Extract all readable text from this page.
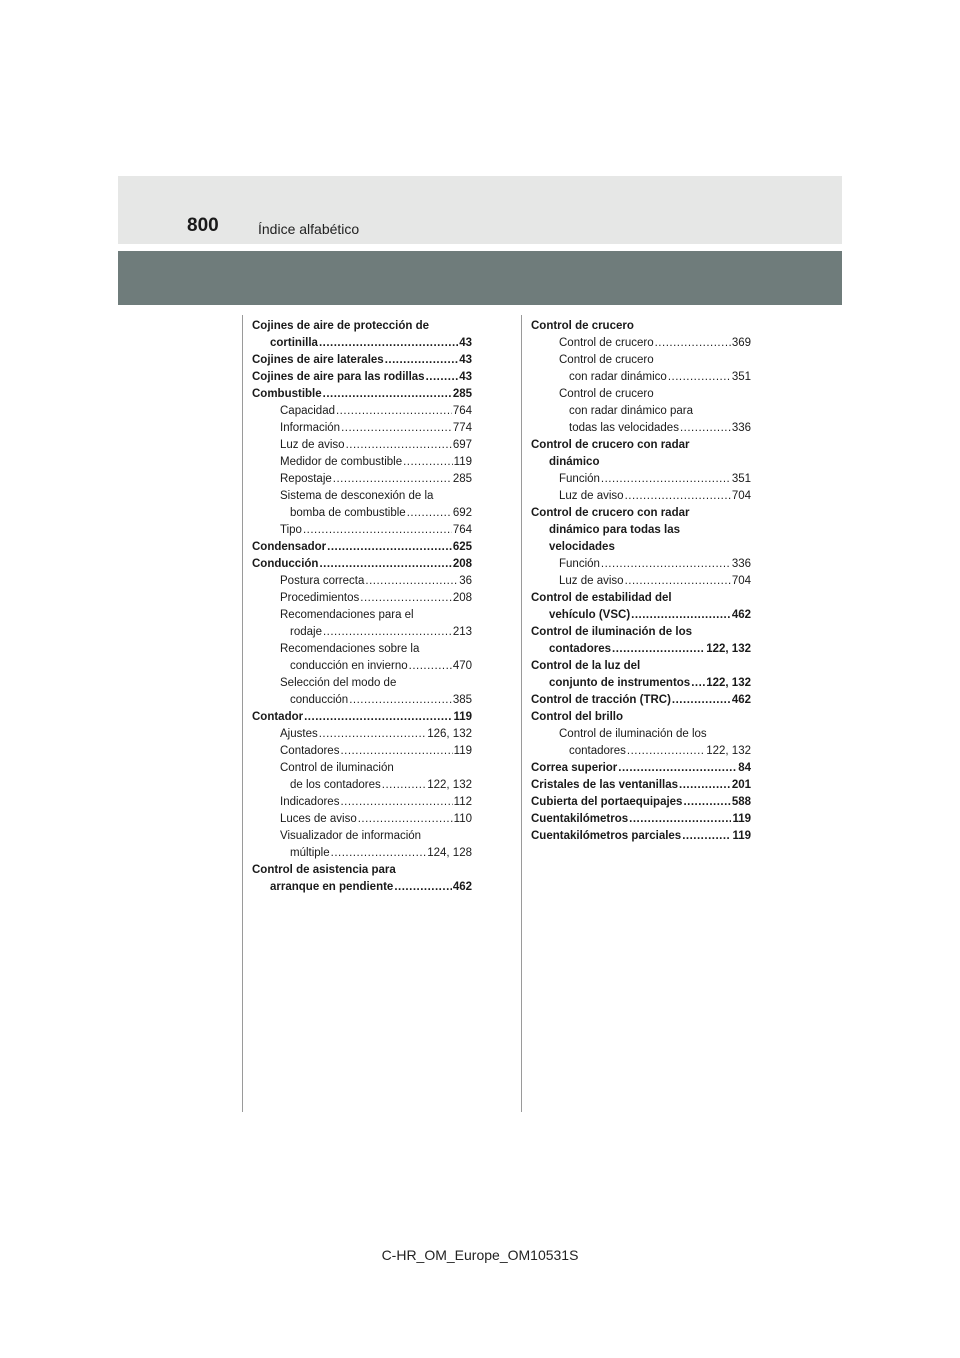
800	Índice alfabético
Cojines de aire de protección de
cortinilla .....	43
Cojines de aire laterales .....	43
Cojines de aire para las rodillas .....	43
Combustible .....	285
Capacidad .....	764
Información .....	774
Luz de aviso .....	697
Medidor de combustible .....	119
Repostaje .....	285
Sistema de desconexión de la
bomba de combustible .....	692
Tipo .....	764
Condensador .....	625
Conducción .....	208
Postura correcta .....	36
Procedimientos .....	208
Recomendaciones para el
rodaje .....	213
Recomendaciones sobre la
conducción en invierno .....	470
Selección del modo de
conducción .....	385
Contador .....	119
Ajustes .....	126, 132
Contadores .....	119
Control de iluminación
de los contadores .....	122, 132
Indicadores .....	112
Luces de aviso .....	110
Visualizador de información
múltiple .....	124, 128
Control de asistencia para
arranque en pendiente .....	462
Control de crucero
Control de crucero .....	369
Control de crucero
con radar dinámico .....	351
Control de crucero
con radar dinámico para
todas las velocidades .....	336
Control de crucero con radar
dinámico
Función .....	351
Luz de aviso .....	704
Control de crucero con radar
dinámico para todas las
velocidades
Función .....	336
Luz de aviso .....	704
Control de estabilidad del
vehículo (VSC) .....	462
Control de iluminación de los
contadores .....	122, 132
Control de la luz del
conjunto de instrumentos ..... 122, 132
Control de tracción (TRC) .....	462
Control del brillo
Control de iluminación de los
contadores .....	122, 132
Correa superior .....	84
Cristales de las ventanillas .....	201
Cubierta del portaequipajes .....	588
Cuentakilómetros .....	119
Cuentakilómetros parciales .....	119
C-HR_OM_Europe_OM10531S
